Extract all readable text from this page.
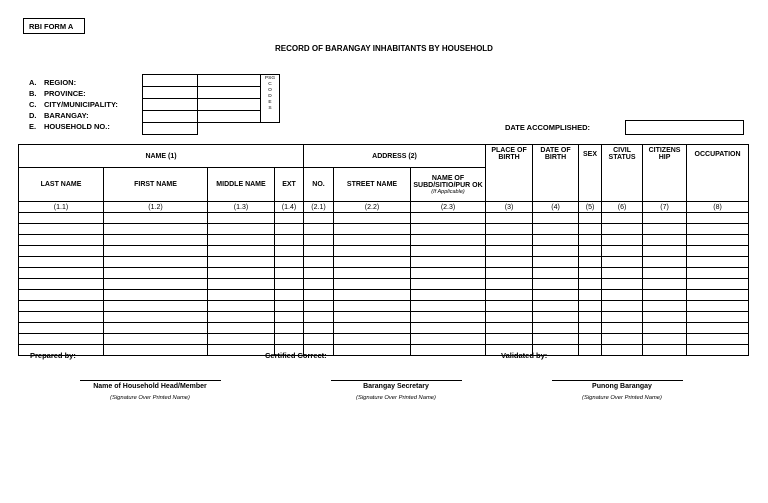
RBI FORM A
RECORD OF BARANGAY INHABITANTS BY HOUSEHOLD
A. REGION:
B. PROVINCE:
C. CITY/MUNICIPALITY:
D. BARANGAY:
E. HOUSEHOLD NO.:
PSG
C
O
D
E
S
DATE ACCOMPLISHED:
NAME (1)				ADDRESS (2)			PLACE OF BIRTH	DATE OF BIRTH	SEX	CIVIL STATUS	CITIZENS HIP	OCCUPATION
LAST NAME	FIRST NAME	MIDDLE NAME	EXT	NO.	STREET NAME	NAME OF SUBD/SITIO/PUR OK
(If Applicable)						

(1.1)	(1.2)	(1.3)	(1.4)	(2.1)	(2.2)	(2.3)	(3)	(4)	(5)	(6)	(7)	(8)

Prepared by:	Certified Correct:	Validated by:
Name of Household Head/Member
(Signature Over Printed Name)
Barangay Secretary
(Signature Over Printed Name)
Punong Barangay
(Signature Over Printed Name)
